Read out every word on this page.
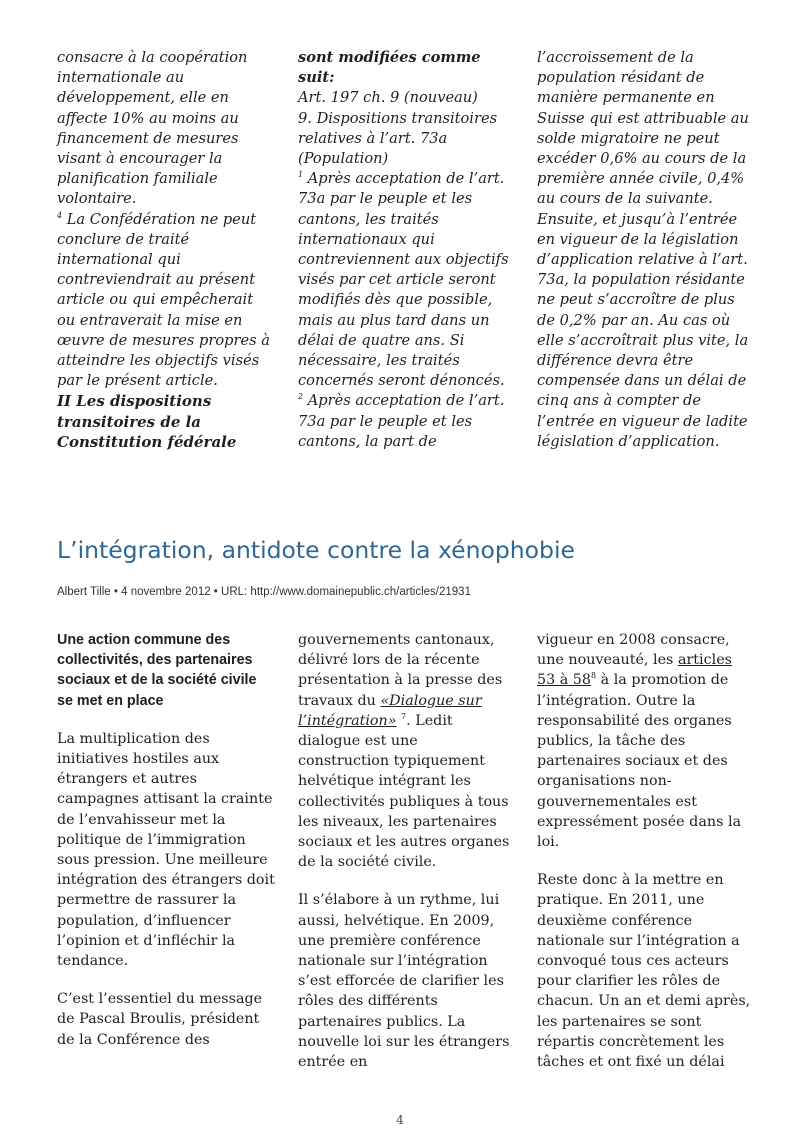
consacre à la coopération internationale au développement, elle en affecte 10% au moins au financement de mesures visant à encourager la planification familiale volontaire.

$^4$ La Confédération ne peut conclure de traité international qui contreviendrait au présent article ou qui empêcherait ou entraverait la mise en œuvre de mesures propres à atteindre les objectifs visés par le présent article.

II Les dispositions transitoires de la Constitution fédérale

sont modifiées comme suit:

Art. 197 ch. 9 (nouveau)

9. Dispositions transitoires relatives à l’art. 73a (Population)

$^1$ Après acceptation de l’art. 73a par le peuple et les cantons, les traités internationaux qui contreviennent aux objectifs visés par cet article seront modifiés dès que possible, mais au plus tard dans un délai de quatre ans. Si nécessaire, les traités concernés seront dénoncés.

$^2$ Après acceptation de l’art. 73a par le peuple et les cantons, la part de

l’accroissement de la population résidant de manière permanente en Suisse qui est attribuable au solde migratoire ne peut excéder 0,6% au cours de la première année civile, 0,4% au cours de la suivante. Ensuite, et jusqu’à l’entrée en vigueur de la législation d’application relative à l’art. 73a, la population résidante ne peut s’accroître de plus de 0,2% par an. Au cas où elle s’accroîtrait plus vite, la différence devra être compensée dans un délai de cinq ans à compter de l’entrée en vigueur de ladite législation d’application.

L’intégration, antidote contre la xénophobie
Albert Tille • 4 novembre 2012 • URL: http://www.domainepublic.ch/articles/21931

Une action commune des collectivités, des partenaires sociaux et de la société civile se met en place

La multiplication des initiatives hostiles aux étrangers et autres campagnes attisant la crainte de l’envahisseur met la politique de l’immigration sous pression. Une meilleure intégration des étrangers doit permettre de rassurer la population, d’influencer l’opinion et d’infléchir la tendance.

C’est l’essentiel du message de Pascal Broulis, président de la Conférence des

gouvernements cantonaux, délivré lors de la récente présentation à la presse des travaux du «Dialogue sur l’intégration» $^7$. Ledit dialogue est une construction typiquement helvétique intégrant les collectivités publiques à tous les niveaux, les partenaires sociaux et les autres organes de la société civile.

Il s’élabore à un rythme, lui aussi, helvétique. En 2009, une première conférence nationale sur l’intégration s’est efforcée de clarifier les rôles des différents partenaires publics. La nouvelle loi sur les étrangers entrée en

vigueur en 2008 consacre, une nouveauté, les articles 53 à $58^8$ à la promotion de l’intégration. Outre la responsabilité des organes publics, la tâche des partenaires sociaux et des organisations non-gouvernementales est expressément posée dans la loi.

Reste donc à la mettre en pratique. En 2011, une deuxième conférence nationale sur l’intégration a convoqué tous ces acteurs pour clarifier les rôles de chacun. Un an et demi après, les partenaires se sont répartis concrètement les tâches et ont fixé un délai

4
